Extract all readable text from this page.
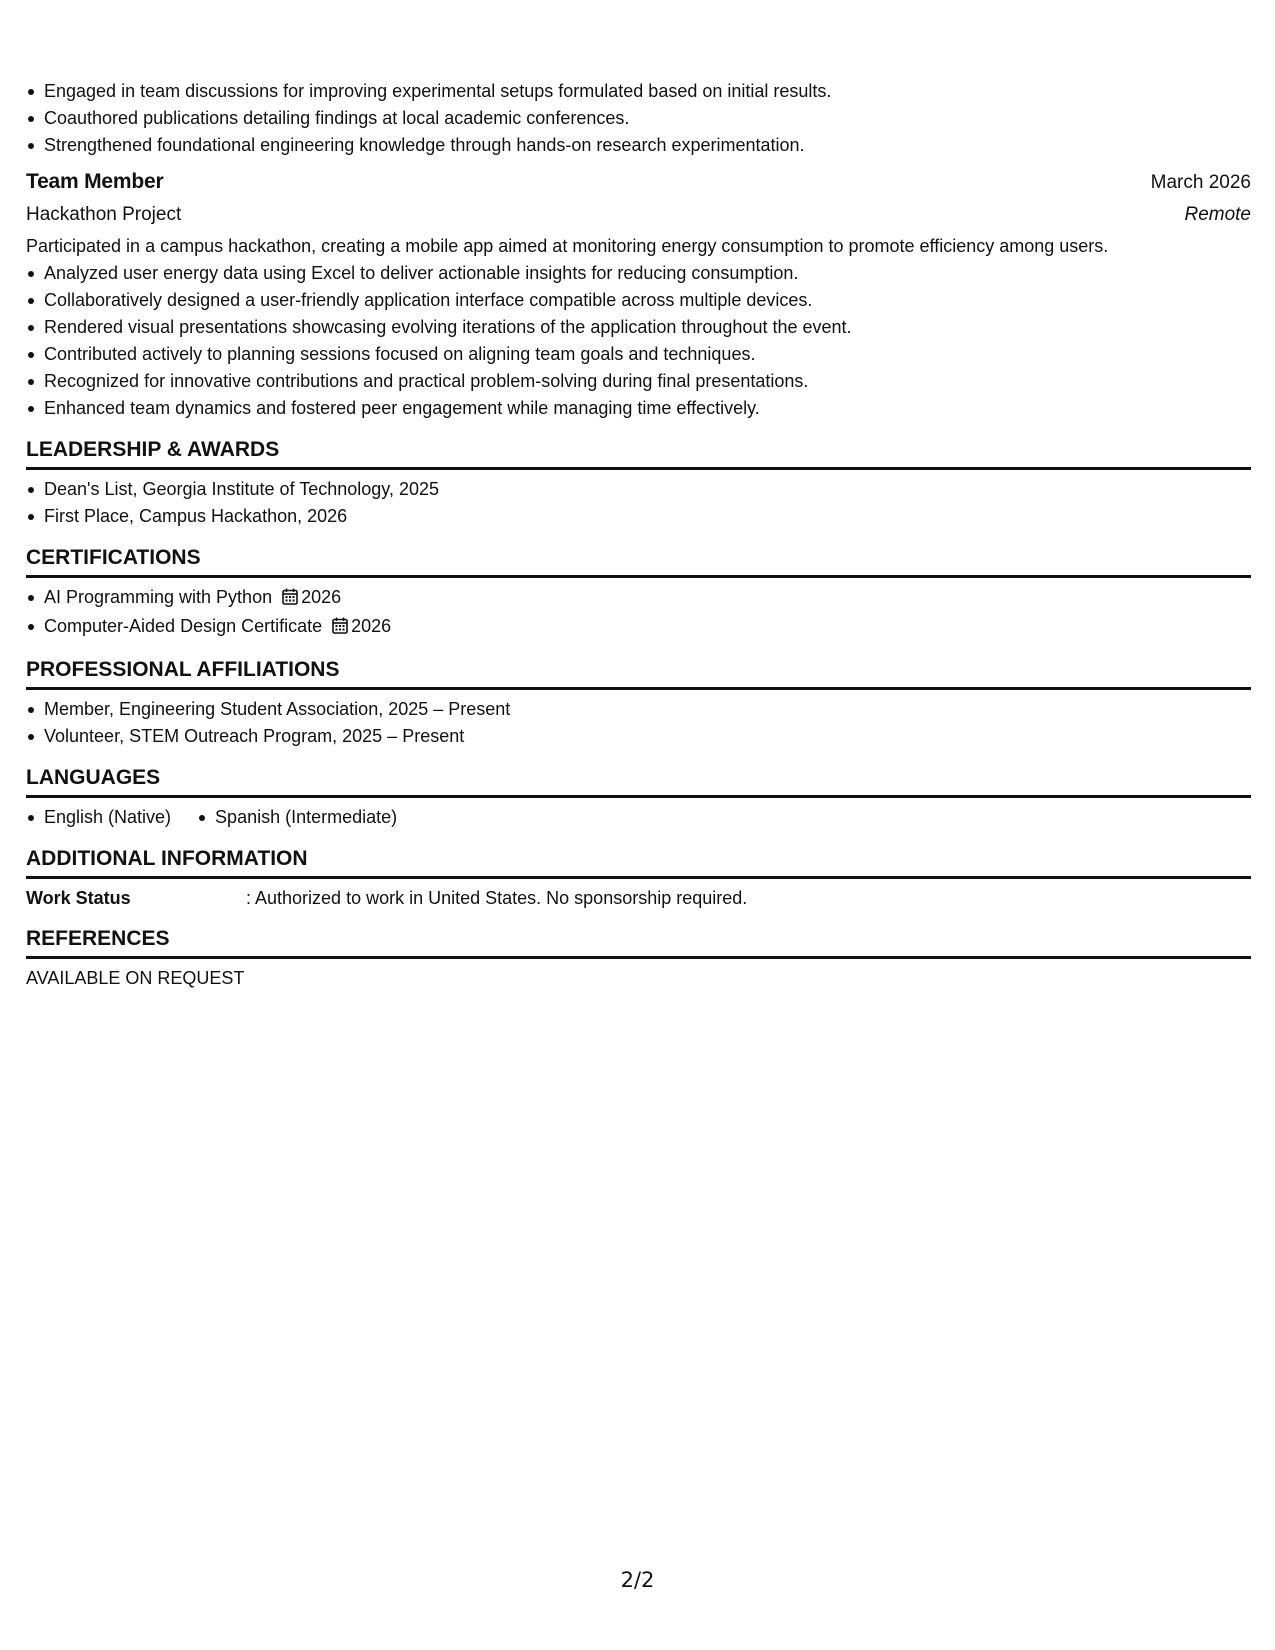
Engaged in team discussions for improving experimental setups formulated based on initial results.
Coauthored publications detailing findings at local academic conferences.
Strengthened foundational engineering knowledge through hands-on research experimentation.
Team Member	March 2026
Hackathon Project	Remote
Participated in a campus hackathon, creating a mobile app aimed at monitoring energy consumption to promote efficiency among users.
Analyzed user energy data using Excel to deliver actionable insights for reducing consumption.
Collaboratively designed a user-friendly application interface compatible across multiple devices.
Rendered visual presentations showcasing evolving iterations of the application throughout the event.
Contributed actively to planning sessions focused on aligning team goals and techniques.
Recognized for innovative contributions and practical problem-solving during final presentations.
Enhanced team dynamics and fostered peer engagement while managing time effectively.
LEADERSHIP & AWARDS
Dean's List, Georgia Institute of Technology, 2025
First Place, Campus Hackathon, 2026
CERTIFICATIONS
AI Programming with Python 2026
Computer-Aided Design Certificate 2026
PROFESSIONAL AFFILIATIONS
Member, Engineering Student Association, 2025 – Present
Volunteer, STEM Outreach Program, 2025 – Present
LANGUAGES
English (Native)	Spanish (Intermediate)
ADDITIONAL INFORMATION
Work Status	: Authorized to work in United States. No sponsorship required.
REFERENCES
AVAILABLE ON REQUEST
2/2
